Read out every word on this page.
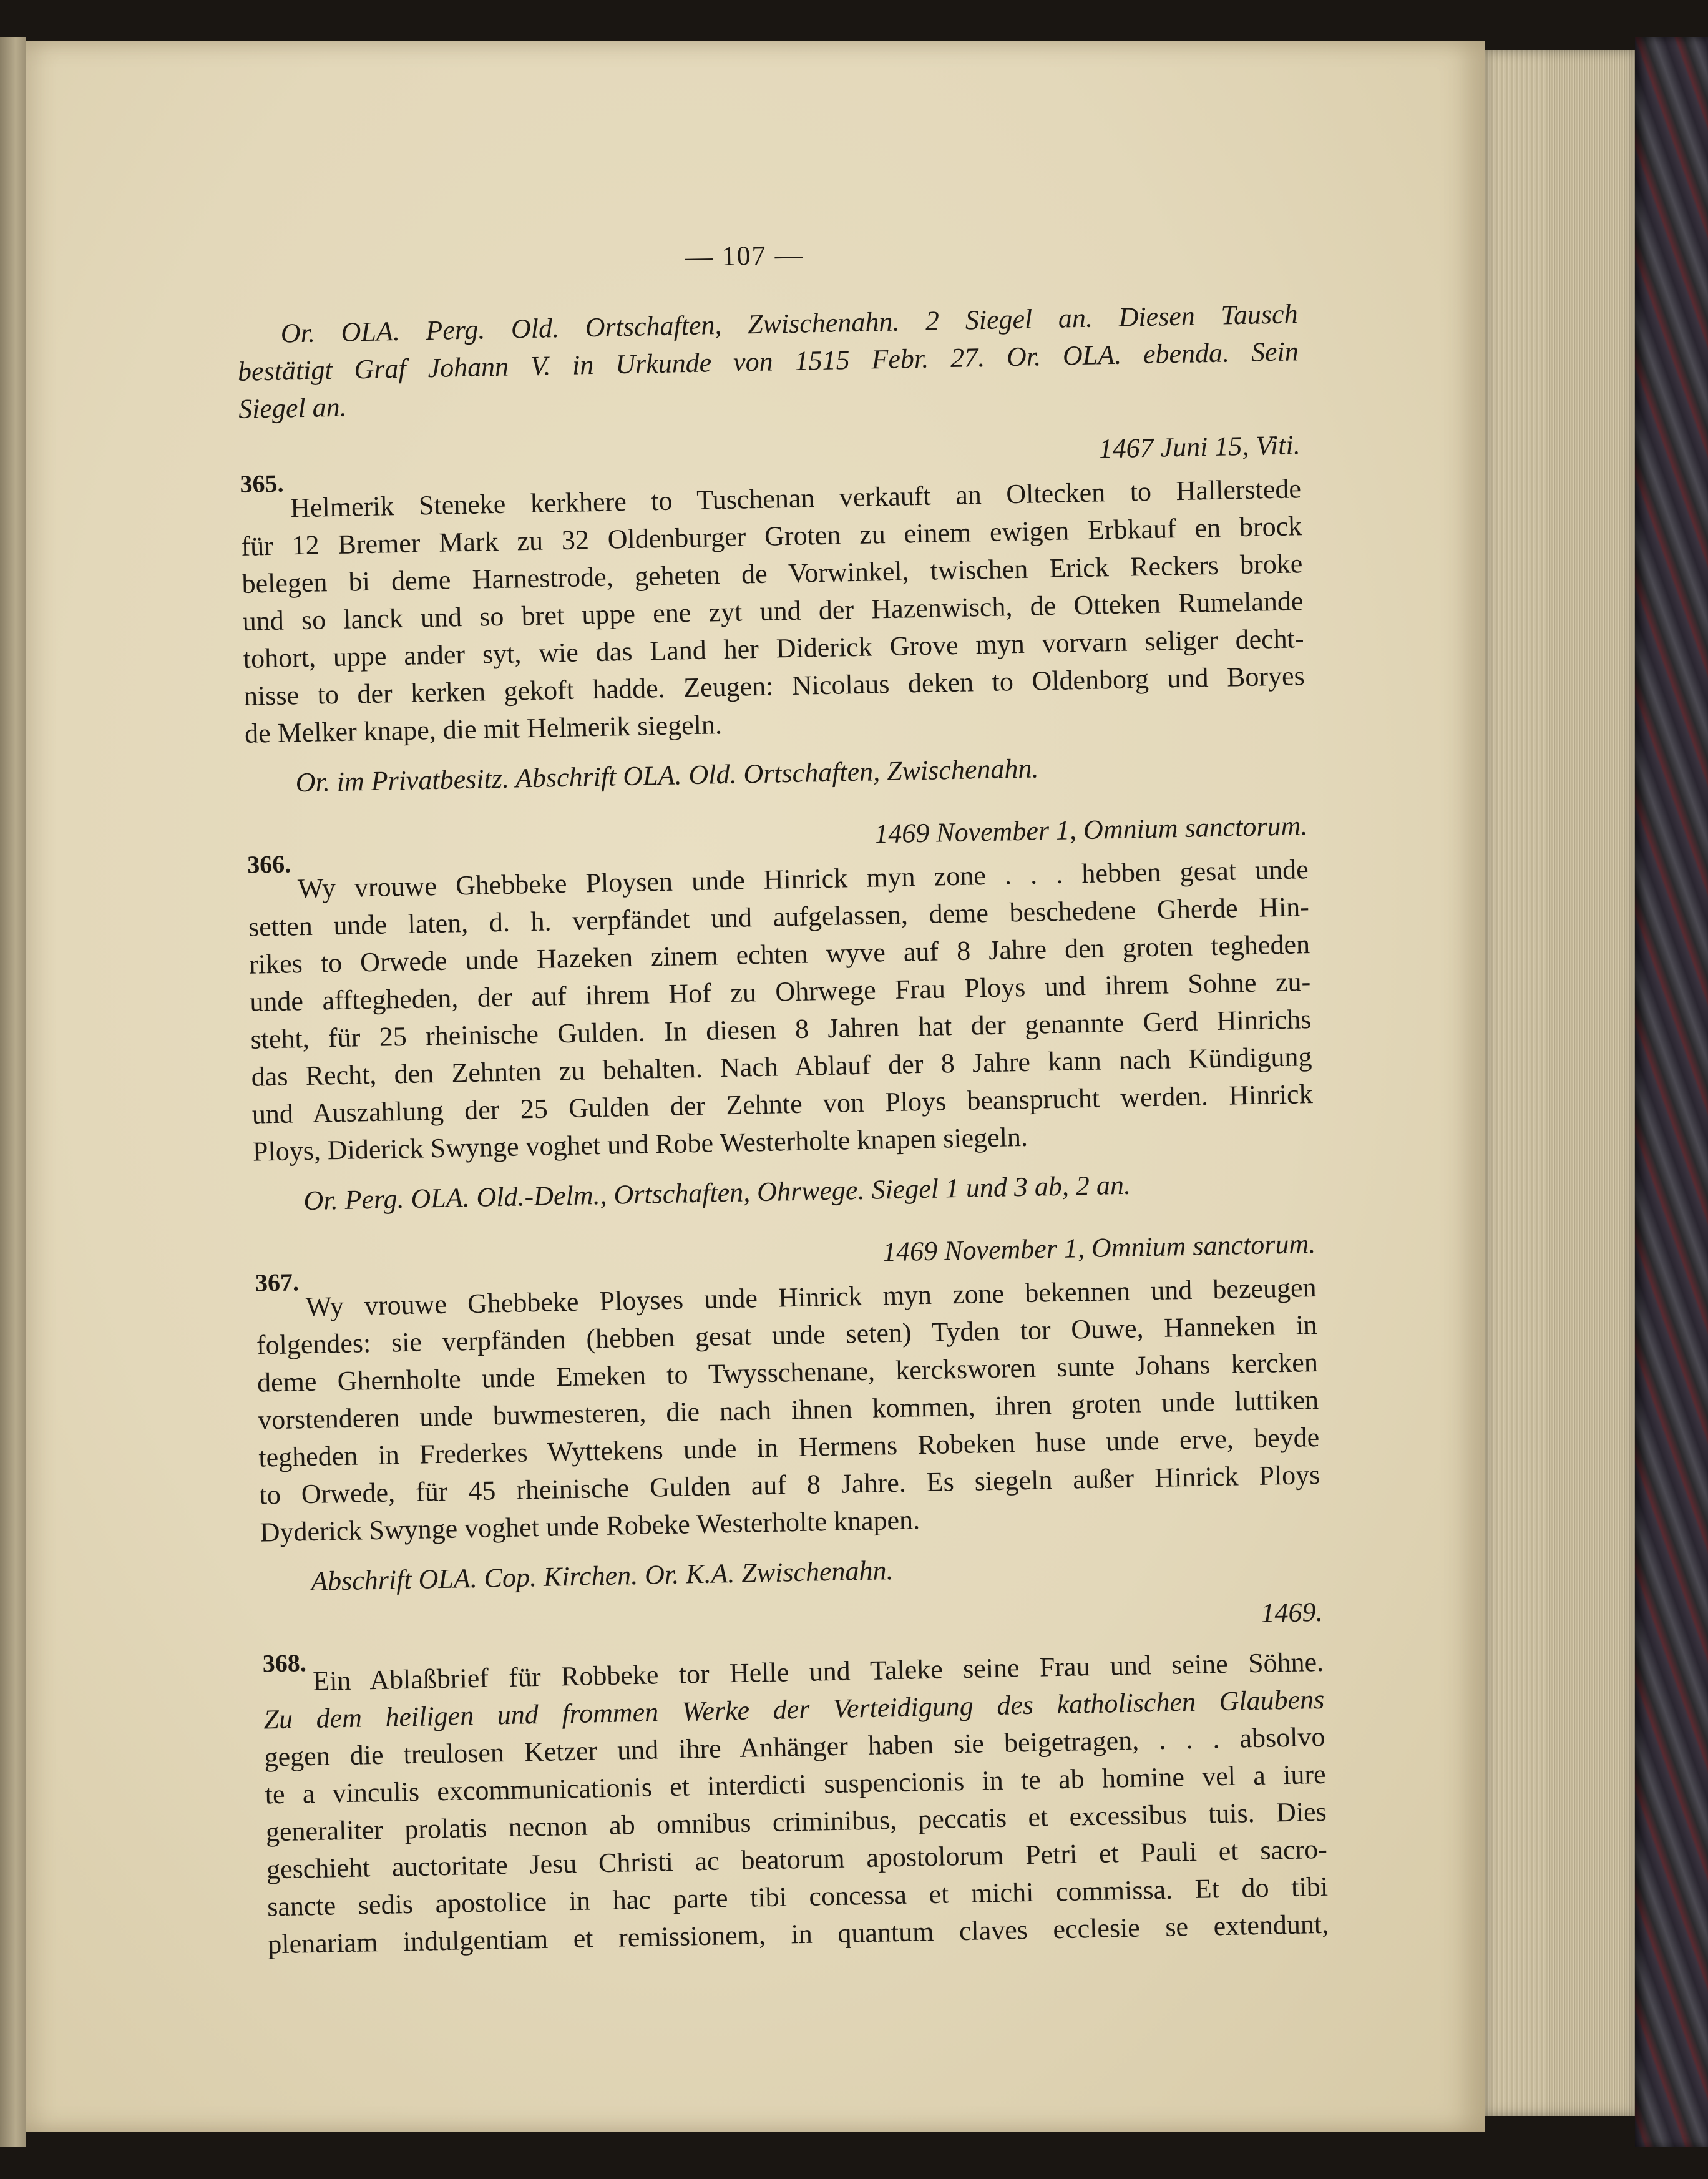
— 107 —
Or. OLA. Perg. Old. Ortschaften, Zwischenahn. 2 Siegel an. Diesen Tausch
bestätigt Graf Johann V. in Urkunde von 1515 Febr. 27. Or. OLA. ebenda. Sein
Siegel an.
365.
1467 Juni 15, Viti.
Helmerik Steneke kerkhere to Tuschenan verkauft an Oltecken to Hallerstede
für 12 Bremer Mark zu 32 Oldenburger Groten zu einem ewigen Erbkauf en brock
belegen bi deme Harnestrode, geheten de Vorwinkel, twischen Erick Reckers broke
und so lanck und so bret uppe ene zyt und der Hazenwisch, de Otteken Rumelande
tohort, uppe ander syt, wie das Land her Diderick Grove myn vorvarn seliger decht-
nisse to der kerken gekoft hadde. Zeugen: Nicolaus deken to Oldenborg und Boryes
de Melker knape, die mit Helmerik siegeln.
Or. im Privatbesitz. Abschrift OLA. Old. Ortschaften, Zwischenahn.
366.
1469 November 1, Omnium sanctorum.
Wy vrouwe Ghebbeke Ploysen unde Hinrick myn zone . . . hebben gesat unde
setten unde laten, d. h. verpfändet und aufgelassen, deme beschedene Gherde Hin-
rikes to Orwede unde Hazeken zinem echten wyve auf 8 Jahre den groten tegheden
unde afftegheden, der auf ihrem Hof zu Ohrwege Frau Ploys und ihrem Sohne zu-
steht, für 25 rheinische Gulden. In diesen 8 Jahren hat der genannte Gerd Hinrichs
das Recht, den Zehnten zu behalten. Nach Ablauf der 8 Jahre kann nach Kündigung
und Auszahlung der 25 Gulden der Zehnte von Ploys beansprucht werden. Hinrick
Ploys, Diderick Swynge voghet und Robe Westerholte knapen siegeln.
Or. Perg. OLA. Old.-Delm., Ortschaften, Ohrwege. Siegel 1 und 3 ab, 2 an.
367.
1469 November 1, Omnium sanctorum.
Wy vrouwe Ghebbeke Ployses unde Hinrick myn zone bekennen und bezeugen
folgendes: sie verpfänden (hebben gesat unde seten) Tyden tor Ouwe, Hanneken in
deme Ghernholte unde Emeken to Twysschenane, kercksworen sunte Johans kercken
vorstenderen unde buwmesteren, die nach ihnen kommen, ihren groten unde luttiken
tegheden in Frederkes Wyttekens unde in Hermens Robeken huse unde erve, beyde
to Orwede, für 45 rheinische Gulden auf 8 Jahre. Es siegeln außer Hinrick Ploys
Dyderick Swynge voghet unde Robeke Westerholte knapen.
Abschrift OLA. Cop. Kirchen. Or. K.A. Zwischenahn.
368.
1469.
Ein Ablaßbrief für Robbeke tor Helle und Taleke seine Frau und seine Söhne.
Zu dem heiligen und frommen Werke der Verteidigung des katholischen Glaubens
gegen die treulosen Ketzer und ihre Anhänger haben sie beigetragen, . . . absolvo
te a vinculis excommunicationis et interdicti suspencionis in te ab homine vel a iure
generaliter prolatis necnon ab omnibus criminibus, peccatis et excessibus tuis. Dies
geschieht auctoritate Jesu Christi ac beatorum apostolorum Petri et Pauli et sacro-
sancte sedis apostolice in hac parte tibi concessa et michi commissa. Et do tibi
plenariam indulgentiam et remissionem, in quantum claves ecclesie se extendunt,
